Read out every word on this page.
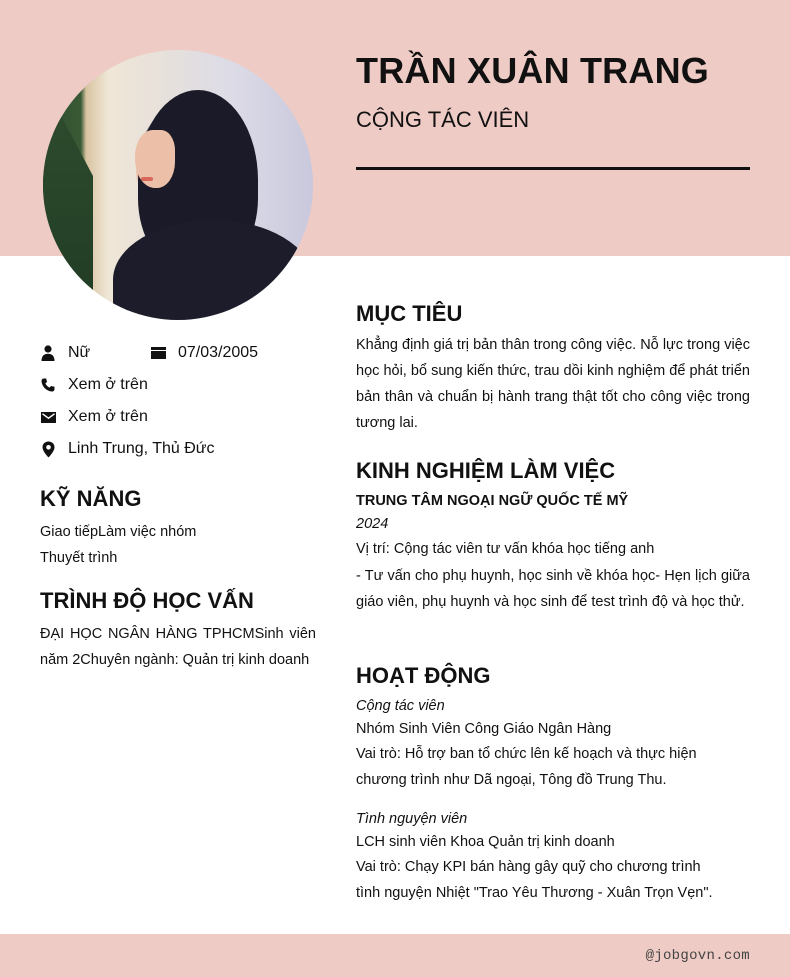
TRẦN XUÂN TRANG
CỘNG TÁC VIÊN
Nữ	07/03/2005
Xem ở trên
Xem ở trên
Linh Trung, Thủ Đức
KỸ NĂNG
Giao tiếpLàm việc nhóm
Thuyết trình
TRÌNH ĐỘ HỌC VẤN
ĐẠI HỌC NGÂN HÀNG TPHCMSinh viên năm 2Chuyên ngành: Quản trị kinh doanh
MỤC TIÊU
Khẳng định giá trị bản thân trong công việc. Nỗ lực trong việc học hỏi, bổ sung kiến thức, trau dồi kinh nghiệm để phát triển bản thân và chuẩn bị hành trang thật tốt cho công việc trong tương lai.
KINH NGHIỆM LÀM VIỆC
TRUNG TÂM NGOẠI NGỮ QUỐC TẾ MỸ
2024
Vị trí: Cộng tác viên tư vấn khóa học tiếng anh
- Tư vấn cho phụ huynh, học sinh về khóa học- Hẹn lịch giữa giáo viên, phụ huynh và học sinh để test trình độ và học thử.
HOẠT ĐỘNG
Cộng tác viên
Nhóm Sinh Viên Công Giáo Ngân Hàng
Vai trò: Hỗ trợ ban tổ chức lên kế hoạch và thực hiện
chương trình như Dã ngoại, Tông đồ Trung Thu.
Tình nguyện viên
LCH sinh viên Khoa Quản trị kinh doanh
Vai trò: Chạy KPI bán hàng gây quỹ cho chương trình
tình nguyện Nhiệt "Trao Yêu Thương - Xuân Trọn Vẹn".
@jobgovn.com
